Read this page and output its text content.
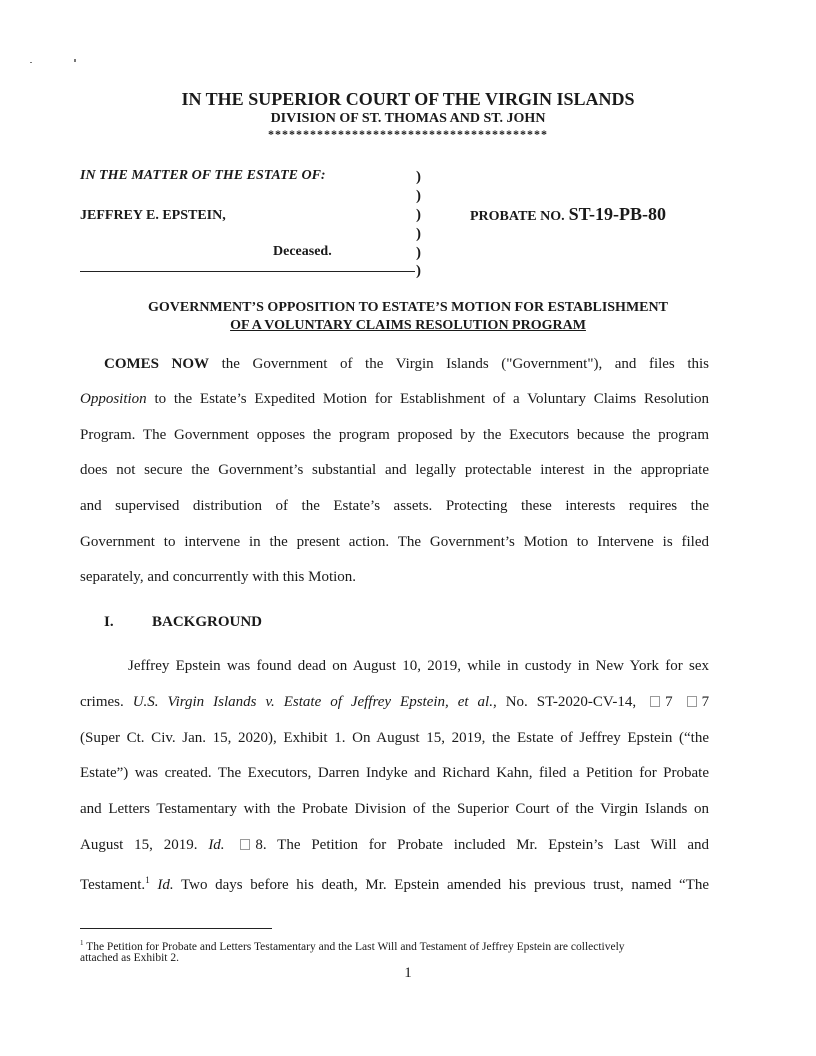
IN THE SUPERIOR COURT OF THE VIRGIN ISLANDS
DIVISION OF ST. THOMAS AND ST. JOHN
****************************************
IN THE MATTER OF THE ESTATE OF:
JEFFREY E. EPSTEIN,
Deceased.
)
)
)
)
)
)
PROBATE NO. ST-19-PB-80
GOVERNMENT’S OPPOSITION TO ESTATE’S MOTION FOR ESTABLISHMENT
OF A VOLUNTARY CLAIMS RESOLUTION PROGRAM
COMES NOW the Government of the Virgin Islands ("Government"), and files this
Opposition to the Estate’s Expedited Motion for Establishment of a Voluntary Claims Resolution
Program. The Government opposes the program proposed by the Executors because the program
does not secure the Government’s substantial and legally protectable interest in the appropriate
and supervised distribution of the Estate’s assets. Protecting these interests requires the
Government to intervene in the present action. The Government’s Motion to Intervene is filed
separately, and concurrently with this Motion.
I.	BACKGROUND
Jeffrey Epstein was found dead on August 10, 2019, while in custody in New York for sex
crimes. U.S. Virgin Islands v. Estate of Jeffrey Epstein, et al., No. ST-2020-CV-14, 7 7
(Super Ct. Civ. Jan. 15, 2020), Exhibit 1. On August 15, 2019, the Estate of Jeffrey Epstein (“the
Estate”) was created. The Executors, Darren Indyke and Richard Kahn, filed a Petition for Probate
and Letters Testamentary with the Probate Division of the Superior Court of the Virgin Islands on
August 15, 2019. Id. 8. The Petition for Probate included Mr. Epstein’s Last Will and
Testament.$^1$ Id. Two days before his death, Mr. Epstein amended his previous trust, named “The
$^1$ The Petition for Probate and Letters Testamentary and the Last Will and Testament of Jeffrey Epstein are collectively
attached as Exhibit 2.
1
